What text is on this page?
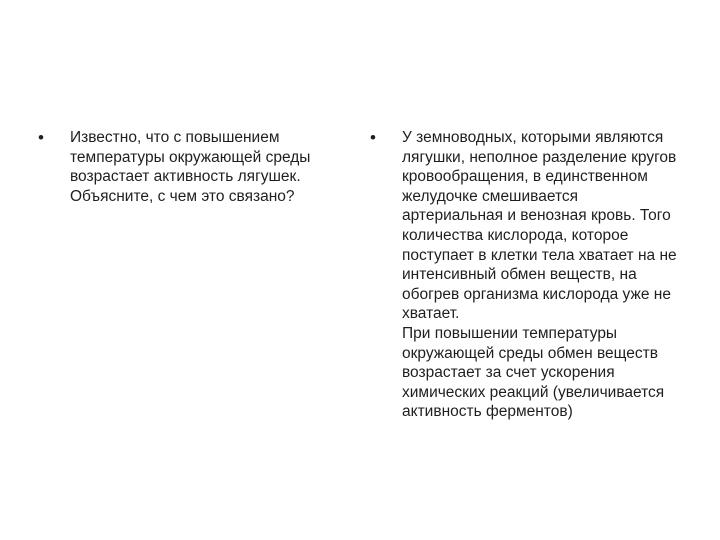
• Известно, что с повышением температуры окружающей среды возрастает активность лягушек. Объясните, с чем это связано?

• У земноводных, которыми являются лягушки, неполное разделение кругов кровообращения, в единственном желудочке смешивается артериальная и венозная кровь. Того количества кислорода, которое поступает в клетки тела хватает на не интенсивный обмен веществ, на обогрев организма кислорода уже не хватает.

При повышении температуры окружающей среды обмен веществ возрастает за счет ускорения химических реакций (увеличивается активность ферментов)
